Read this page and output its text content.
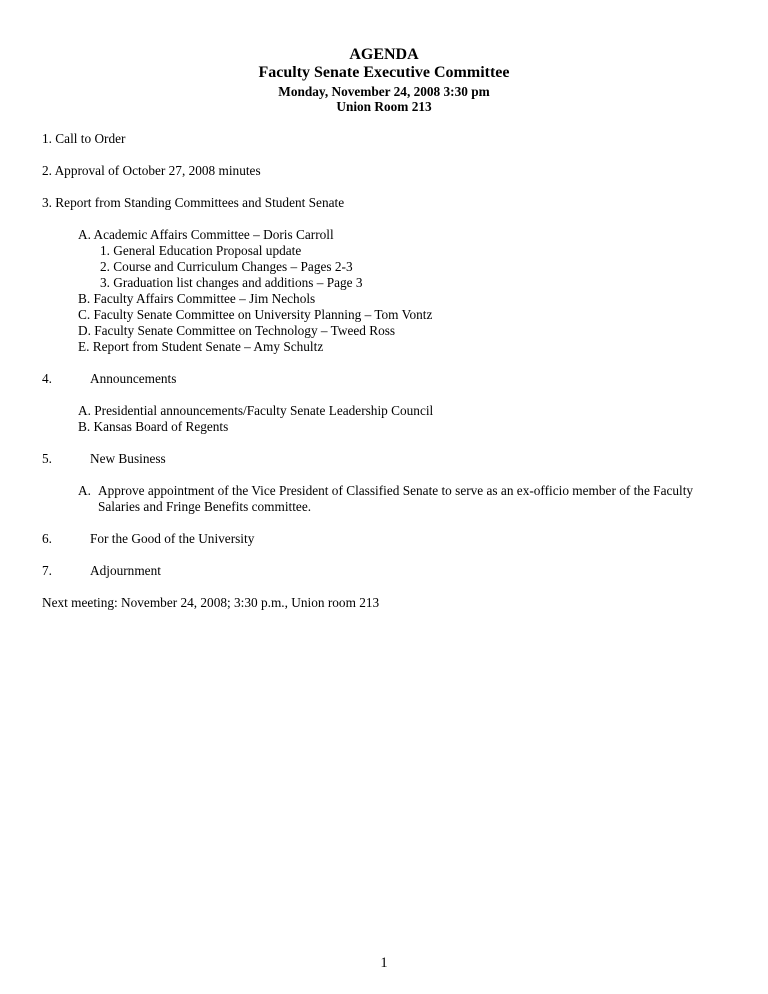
AGENDA
Faculty Senate Executive Committee
Monday, November 24, 2008 3:30 pm
Union Room 213
1. Call to Order
2. Approval of October 27, 2008 minutes
3. Report from Standing Committees and Student Senate
A. Academic Affairs Committee – Doris Carroll
1. General Education Proposal update
2. Course and Curriculum Changes – Pages 2-3
3. Graduation list changes and additions – Page 3
B. Faculty Affairs Committee – Jim Nechols
C. Faculty Senate Committee on University Planning – Tom Vontz
D. Faculty Senate Committee on Technology – Tweed Ross
E. Report from Student Senate – Amy Schultz
4.	Announcements
A. Presidential announcements/Faculty Senate Leadership Council
B. Kansas Board of Regents
5.	New Business
A. Approve appointment of the Vice President of Classified Senate to serve as an ex-officio member of the Faculty
Salaries and Fringe Benefits committee.
6.	For the Good of the University
7.	Adjournment
Next meeting: November 24, 2008; 3:30 p.m., Union room 213
1
